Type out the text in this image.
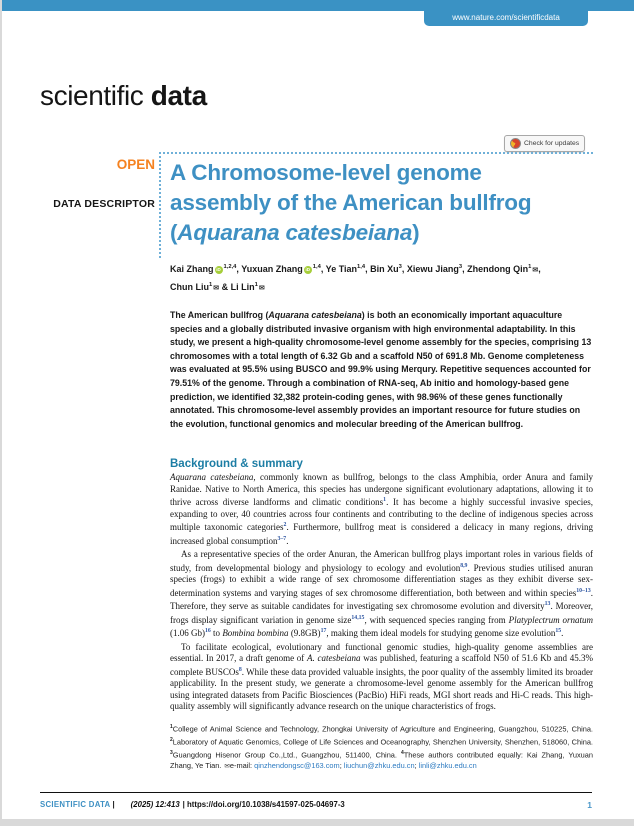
www.nature.com/scientificdata
scientific data
Check for updates
OPEN
DATA DESCRIPTOR
A Chromosome-level genome
assembly of the American bullfrog
(Aquarana catesbeiana)
Kai Zhang iD $^{1,2,4}$, Yuxuan Zhang iD $^{1,4}$, Ye Tian$^{1,4}$, Bin Xu$^3$, Xiewu Jiang$^3$, Zhendong Qin$^1$✉,
Chun Liu$^1$✉ & Li Lin$^1$✉
The American bullfrog (Aquarana catesbeiana) is both an economically important aquaculture species and a globally distributed invasive organism with high environmental adaptability. In this study, we present a high-quality chromosome-level genome assembly for the species, comprising 13 chromosomes with a total length of 6.32 Gb and a scaffold N50 of 691.8 Mb. Genome completeness was evaluated at 95.5% using BUSCO and 99.9% using Merqury. Repetitive sequences accounted for 79.51% of the genome. Through a combination of RNA-seq, Ab initio and homology-based gene prediction, we identified 32,382 protein-coding genes, with 98.96% of these genes functionally annotated. This chromosome-level assembly provides an important resource for future studies on the evolution, functional genomics and molecular breeding of the American bullfrog.
Background & summary

Aquarana catesbeiana, commonly known as bullfrog, belongs to the class Amphibia, order Anura and family Ranidae. Native to North America, this species has undergone significant evolutionary adaptations, allowing it to thrive across diverse landforms and climatic conditions$^1$. It has become a highly successful invasive species, expanding to over, 40 countries across four continents and contributing to the decline of indigenous species across multiple taxonomic categories$^2$. Furthermore, bullfrog meat is considered a delicacy in many regions, driving increased global consumption$^{3-7}$.

As a representative species of the order Anuran, the American bullfrog plays important roles in various fields of study, from developmental biology and physiology to ecology and evolution$^{8,9}$. Previous studies utilised anuran species (frogs) to exhibit a wide range of sex chromosome differentiation stages as they exhibit diverse sex-determination systems and varying stages of sex chromosome differentiation, both between and within species$^{10-13}$. Therefore, they serve as suitable candidates for investigating sex chromosome evolution and diversity$^{13}$. Moreover, frogs display significant variation in genome size$^{14,15}$, with sequenced species ranging from Platyplectrum ornatum (1.06 Gb)$^{16}$ to Bombina bombina $(9.8GB)^{17}$, making them ideal models for studying genome size evolution$^{15}$.

To facilitate ecological, evolutionary and functional genomic studies, high-quality genome assemblies are essential. In 2017, a draft genome of A. catesbeiana was published, featuring a scaffold N50 of 51.6 Kb and 45.3% complete BUSCOs$^8$. While these data provided valuable insights, the poor quality of the assembly limited its broader applicability. In the present study, we generate a chromosome-level genome assembly for the American bullfrog using integrated datasets from Pacific Biosciences (PacBio) HiFi reads, MGI short reads and Hi-C reads. This high-quality assembly will significantly advance research on the unique characteristics of frogs.

$^1$College of Animal Science and Technology, Zhongkai University of Agriculture and Engineering, Guangzhou, 510225, China. $^2$Laboratory of Aquatic Genomics, College of Life Sciences and Oceanography, Shenzhen University, Shenzhen, 518060, China. $^3$Guangdong Hisenor Group Co.,Ltd., Guangzhou, 511400, China. $^4$These authors contributed equally: Kai Zhang, Yuxuan Zhang, Ye Tian. ✉e-mail: qinzhendongsc@163.com; liuchun@zhku.edu.cn; linli@zhku.edu.cn
SCIENTIFIC DATA | (2025) 12:413 | https://doi.org/10.1038/s41597-025-04697-3	1
